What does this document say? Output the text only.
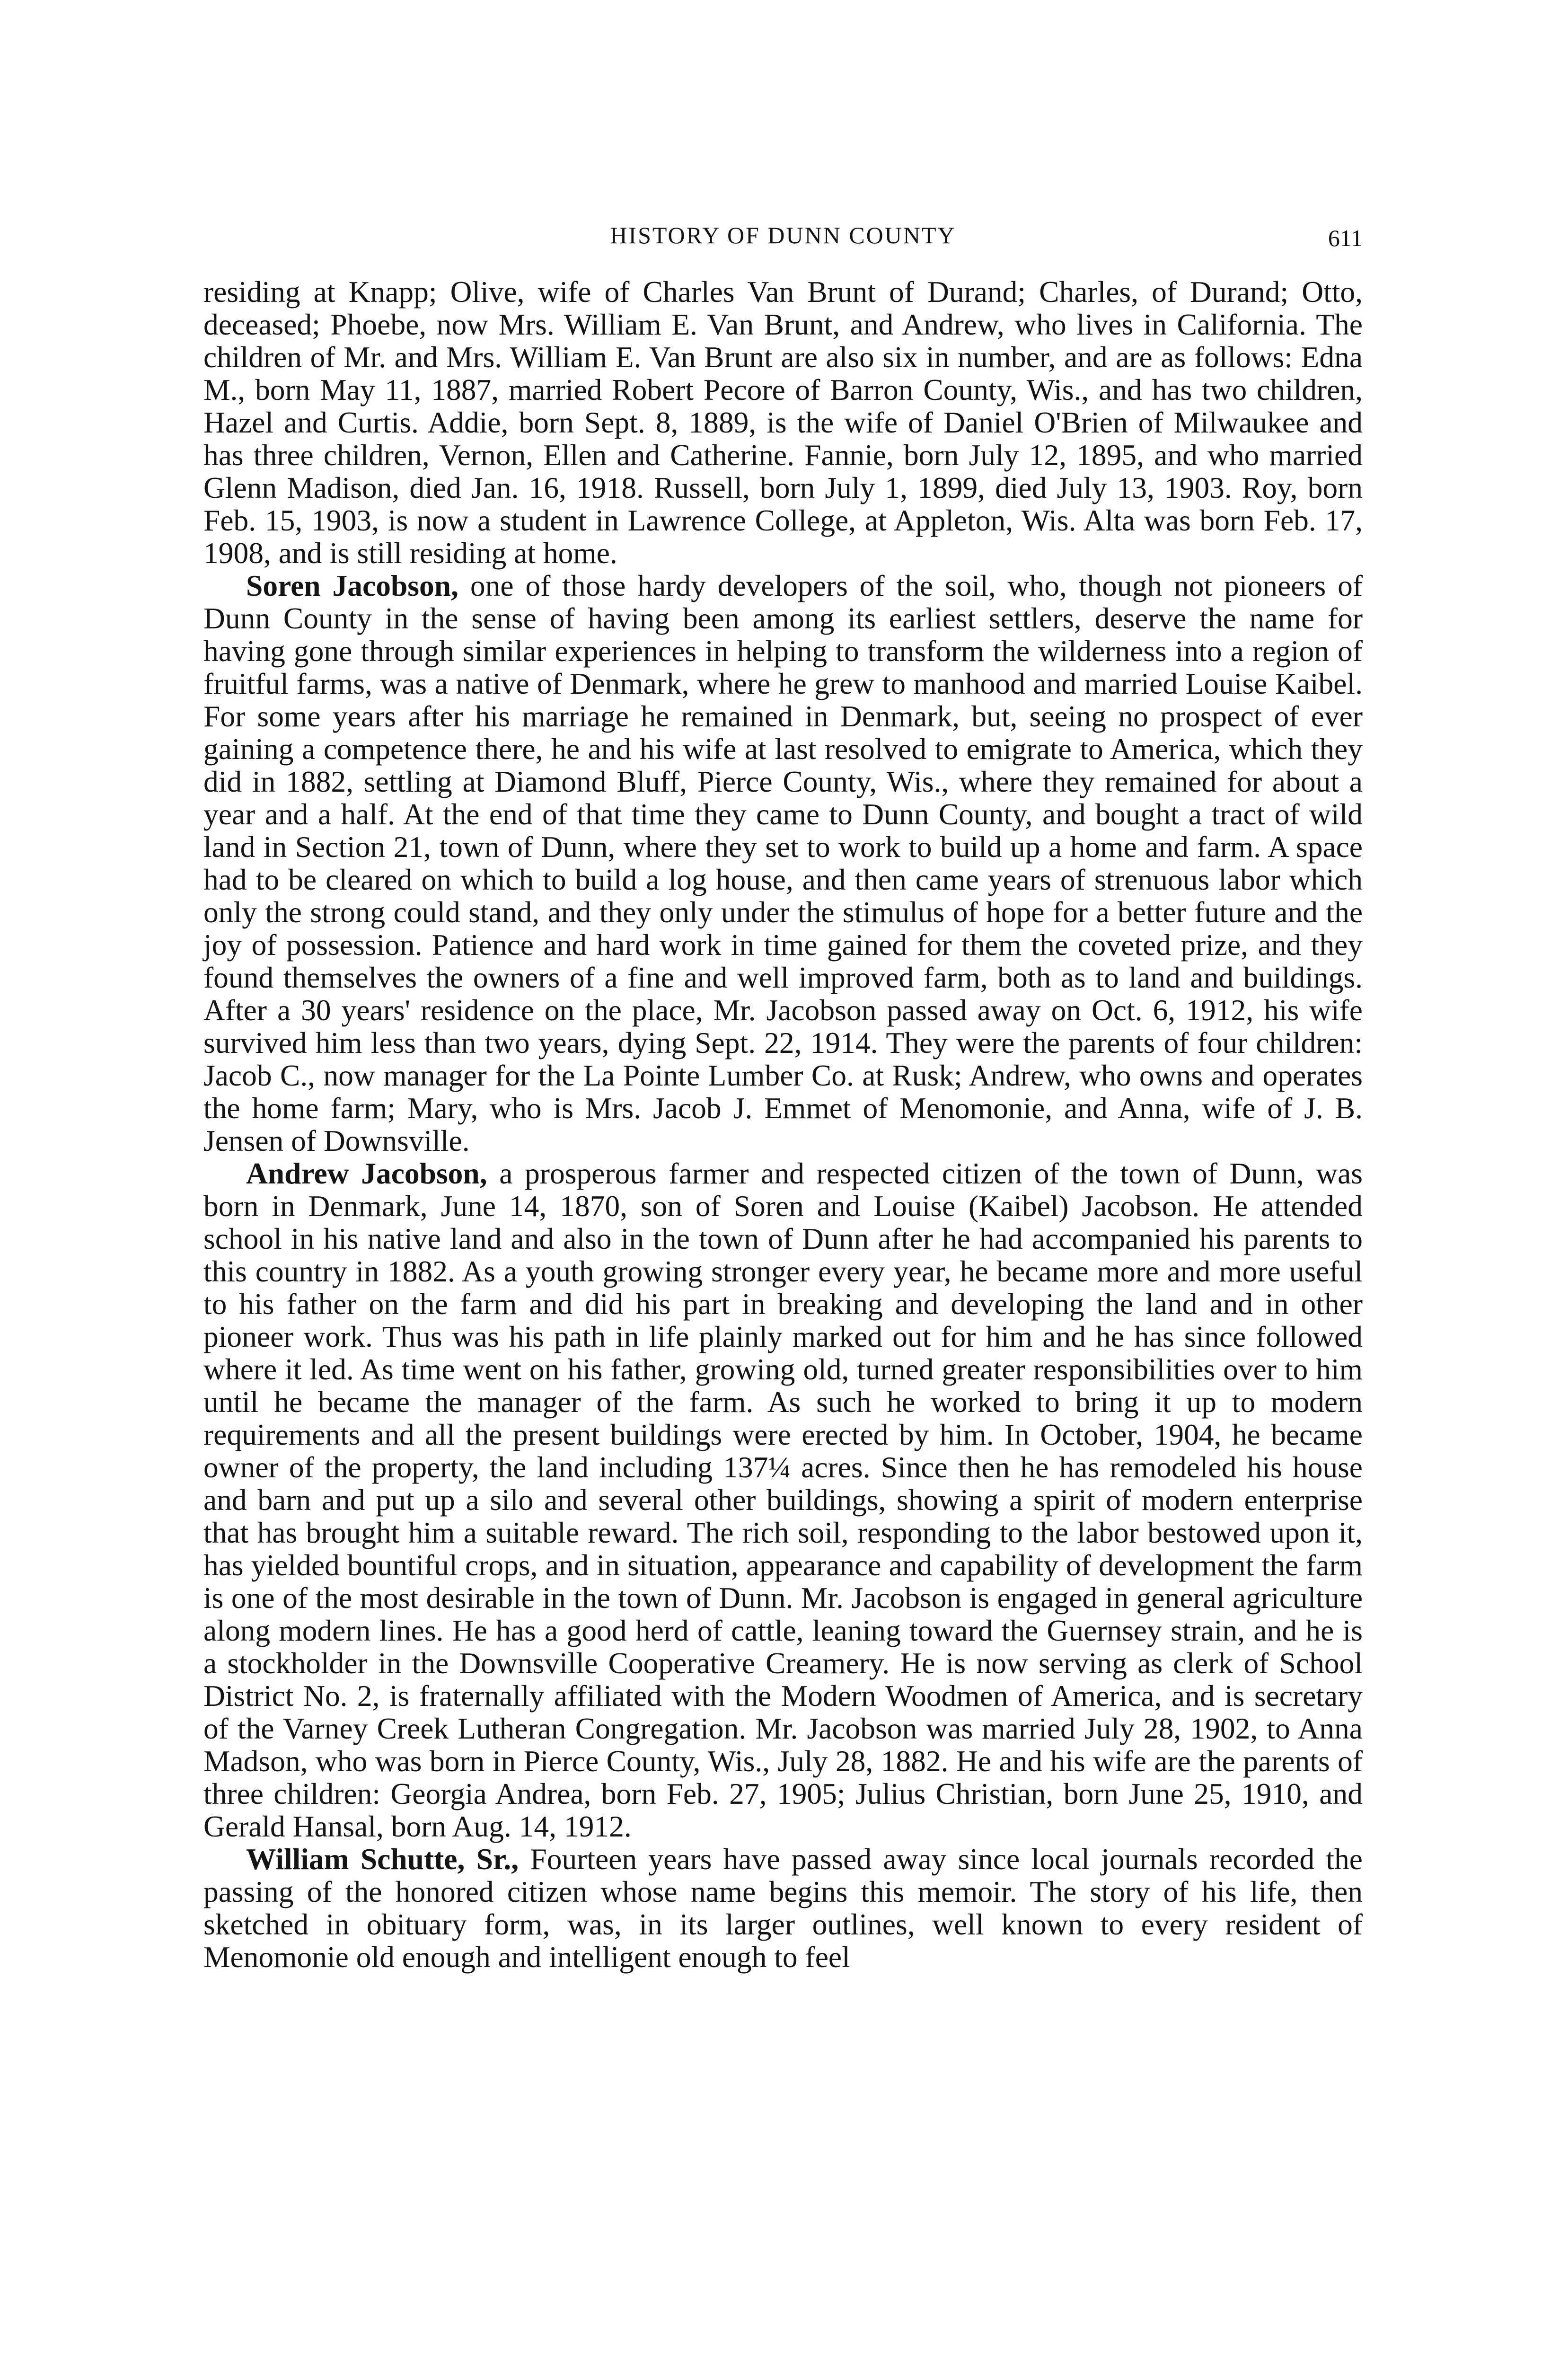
HISTORY OF DUNN COUNTY	611

residing at Knapp; Olive, wife of Charles Van Brunt of Durand; Charles, of Durand; Otto, deceased; Phoebe, now Mrs. William E. Van Brunt, and Andrew, who lives in California. The children of Mr. and Mrs. William E. Van Brunt are also six in number, and are as follows: Edna M., born May 11, 1887, married Robert Pecore of Barron County, Wis., and has two children, Hazel and Curtis. Addie, born Sept. 8, 1889, is the wife of Daniel O'Brien of Milwaukee and has three children, Vernon, Ellen and Catherine. Fannie, born July 12, 1895, and who married Glenn Madison, died Jan. 16, 1918. Russell, born July 1, 1899, died July 13, 1903. Roy, born Feb. 15, 1903, is now a student in Lawrence College, at Appleton, Wis. Alta was born Feb. 17, 1908, and is still residing at home.

Soren Jacobson, one of those hardy developers of the soil, who, though not pioneers of Dunn County in the sense of having been among its earliest settlers, deserve the name for having gone through similar experiences in helping to transform the wilderness into a region of fruitful farms, was a native of Denmark, where he grew to manhood and married Louise Kaibel. For some years after his marriage he remained in Denmark, but, seeing no prospect of ever gaining a competence there, he and his wife at last resolved to emigrate to America, which they did in 1882, settling at Diamond Bluff, Pierce County, Wis., where they remained for about a year and a half. At the end of that time they came to Dunn County, and bought a tract of wild land in Section 21, town of Dunn, where they set to work to build up a home and farm. A space had to be cleared on which to build a log house, and then came years of strenuous labor which only the strong could stand, and they only under the stimulus of hope for a better future and the joy of possession. Patience and hard work in time gained for them the coveted prize, and they found themselves the owners of a fine and well improved farm, both as to land and buildings. After a 30 years' residence on the place, Mr. Jacobson passed away on Oct. 6, 1912, his wife survived him less than two years, dying Sept. 22, 1914. They were the parents of four children: Jacob C., now manager for the La Pointe Lumber Co. at Rusk; Andrew, who owns and operates the home farm; Mary, who is Mrs. Jacob J. Emmet of Menomonie, and Anna, wife of J. B. Jensen of Downsville.

Andrew Jacobson, a prosperous farmer and respected citizen of the town of Dunn, was born in Denmark, June 14, 1870, son of Soren and Louise (Kaibel) Jacobson. He attended school in his native land and also in the town of Dunn after he had accompanied his parents to this country in 1882. As a youth growing stronger every year, he became more and more useful to his father on the farm and did his part in breaking and developing the land and in other pioneer work. Thus was his path in life plainly marked out for him and he has since followed where it led. As time went on his father, growing old, turned greater responsibilities over to him until he became the manager of the farm. As such he worked to bring it up to modern requirements and all the present buildings were erected by him. In October, 1904, he became owner of the property, the land including 137¼ acres. Since then he has remodeled his house and barn and put up a silo and several other buildings, showing a spirit of modern enterprise that has brought him a suitable reward. The rich soil, responding to the labor bestowed upon it, has yielded bountiful crops, and in situation, appearance and capability of development the farm is one of the most desirable in the town of Dunn. Mr. Jacobson is engaged in general agriculture along modern lines. He has a good herd of cattle, leaning toward the Guernsey strain, and he is a stockholder in the Downsville Cooperative Creamery. He is now serving as clerk of School District No. 2, is fraternally affiliated with the Modern Woodmen of America, and is secretary of the Varney Creek Lutheran Congregation. Mr. Jacobson was married July 28, 1902, to Anna Madson, who was born in Pierce County, Wis., July 28, 1882. He and his wife are the parents of three children: Georgia Andrea, born Feb. 27, 1905; Julius Christian, born June 25, 1910, and Gerald Hansal, born Aug. 14, 1912.

William Schutte, Sr., Fourteen years have passed away since local journals recorded the passing of the honored citizen whose name begins this memoir. The story of his life, then sketched in obituary form, was, in its larger outlines, well known to every resident of Menomonie old enough and intelligent enough to feel
